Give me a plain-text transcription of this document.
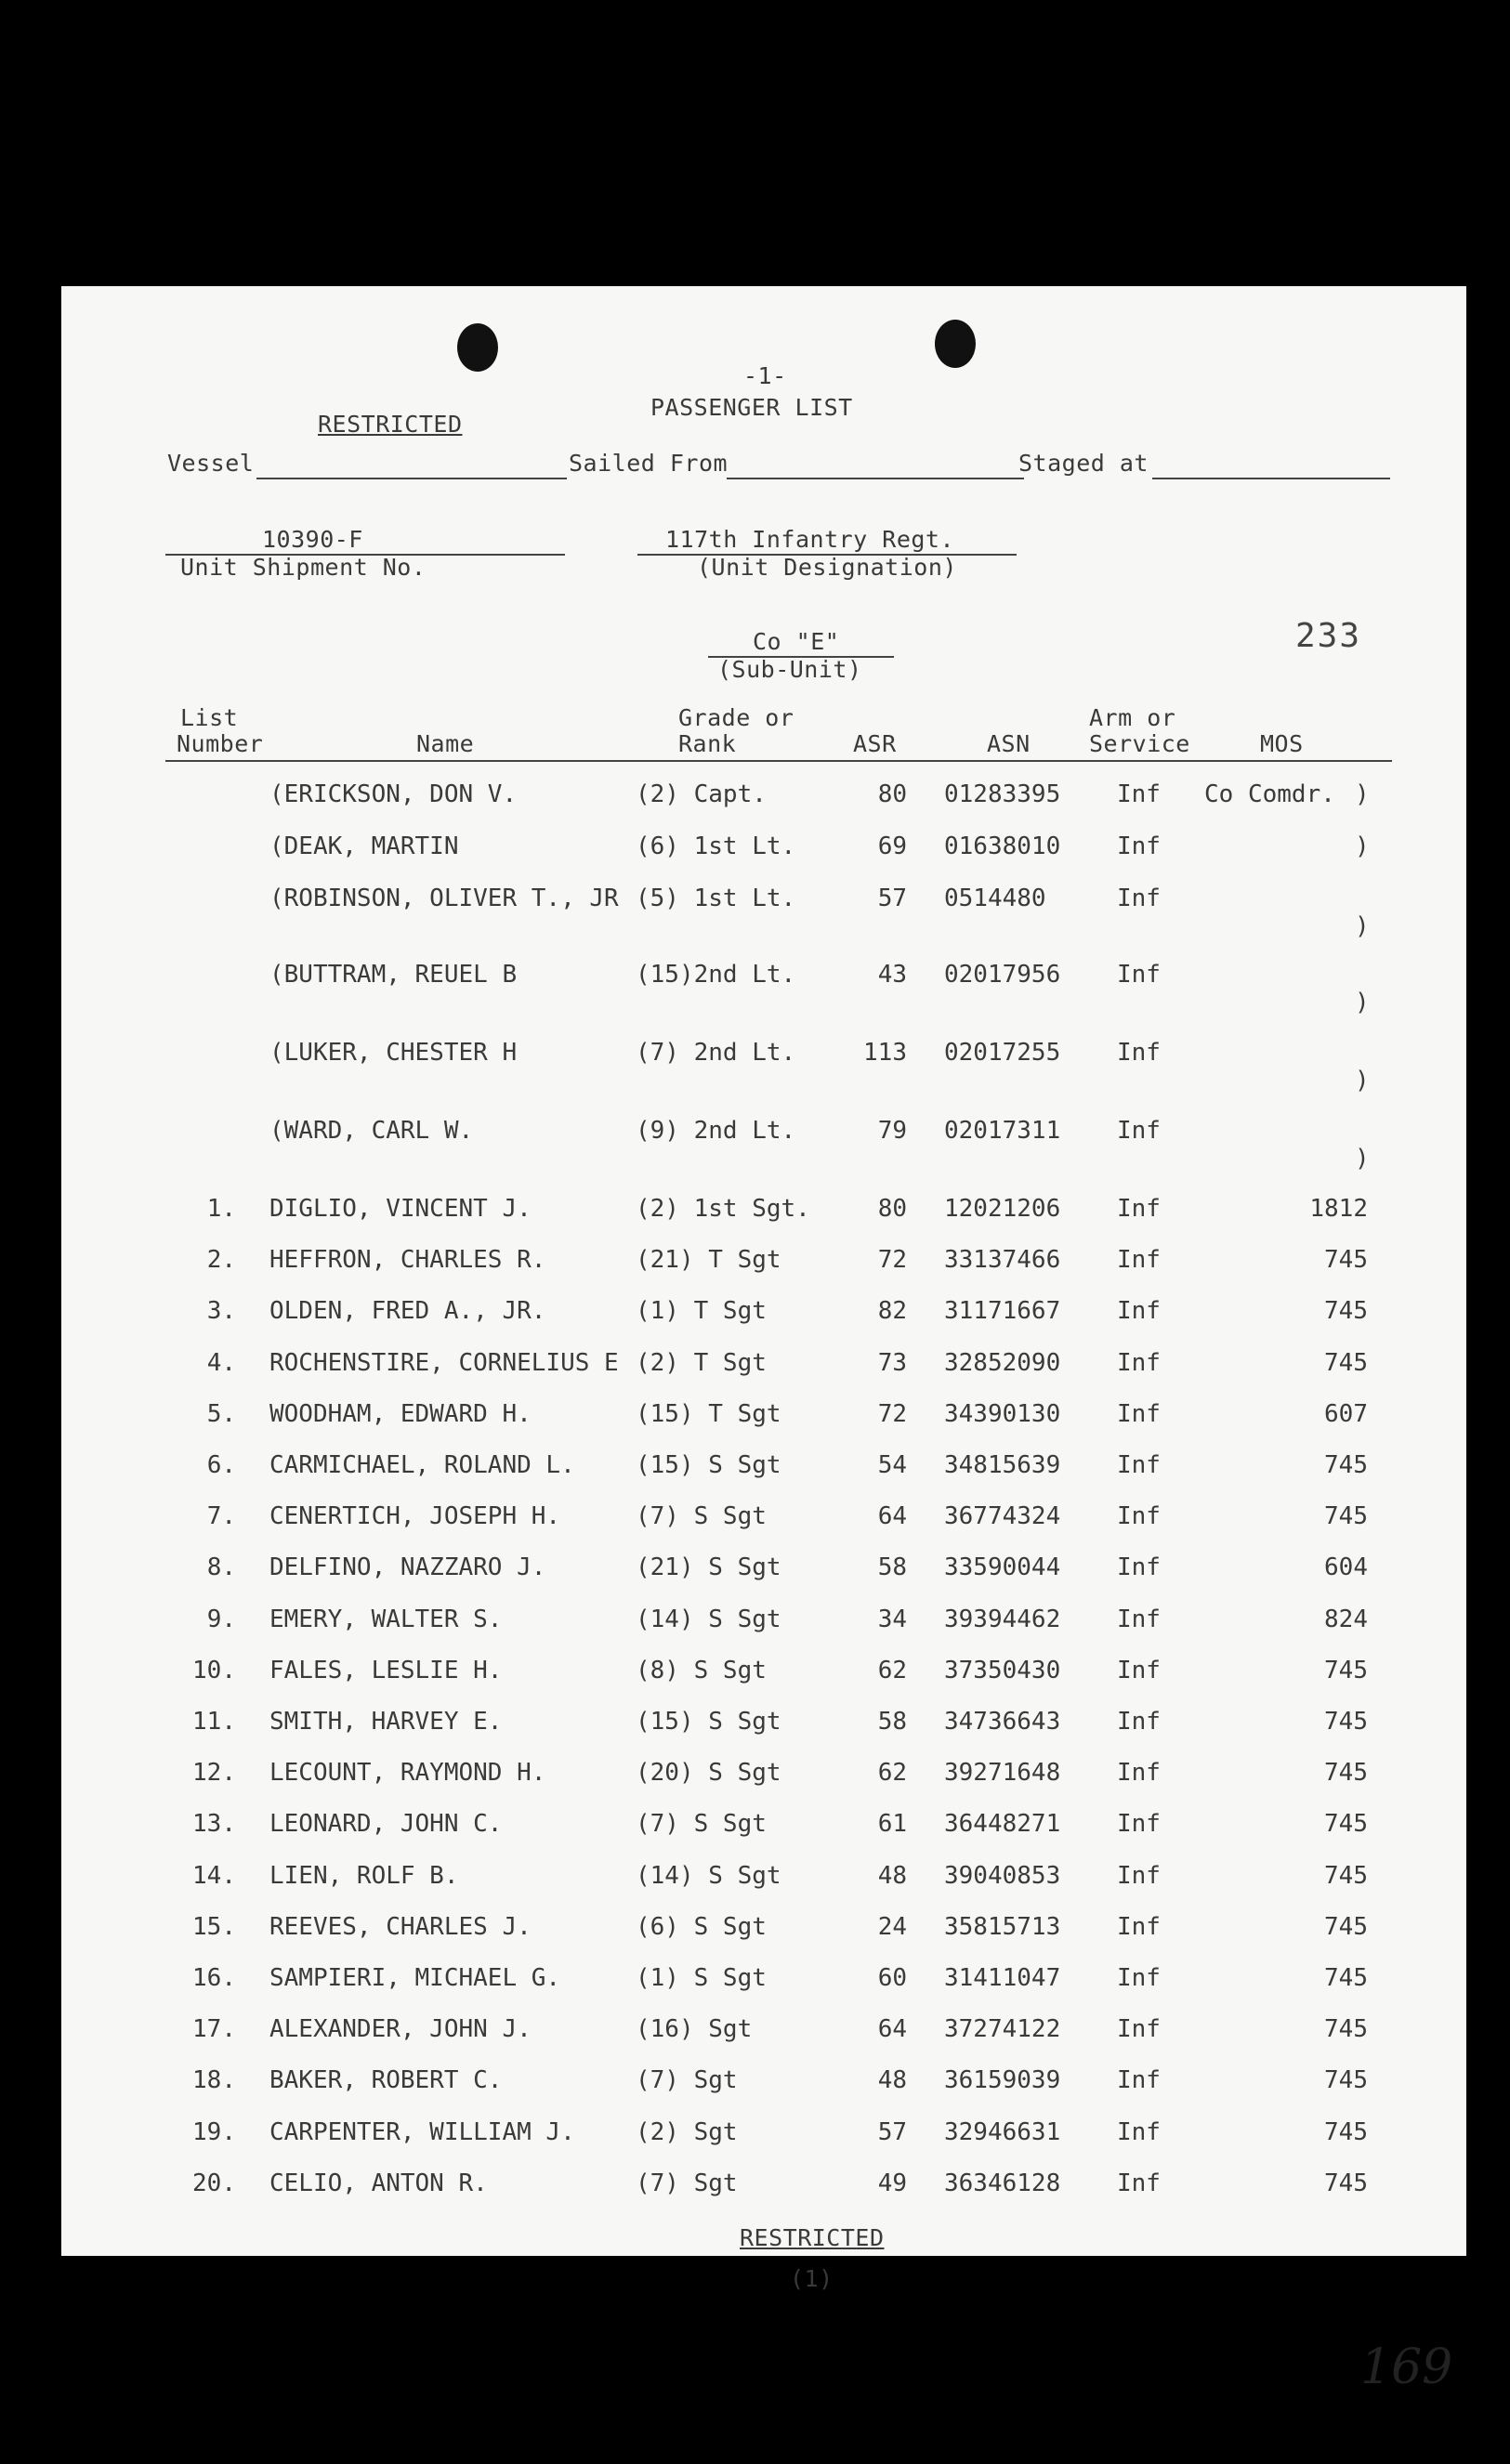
-1-
RESTRICTED
PASSENGER LIST
Vessel	Sailed From	Staged at
10390-F
Unit Shipment No.
117th Infantry Regt.
(Unit Designation)
Co "E"
(Sub-Unit)
233
List
Number	Name
Grade or
Rank	ASR	ASN
Arm or
Service	MOS
(ERICKSON, DON V.	(2) Capt.	80 01283395 Inf Co Comdr. )
(DEAK, MARTIN	(6) 1st Lt.	69 01638010 Inf	)
(ROBINSON, OLIVER T., JR (5) 1st Lt.	57 0514480	Inf
)
(BUTTRAM, REUEL B	(15)2nd Lt.	43 02017956 Inf
)
(LUKER, CHESTER H	(7) 2nd Lt.	113 02017255 Inf
)
(WARD, CARL W.	(9) 2nd Lt.	79 02017311 Inf
)
1. DIGLIO, VINCENT J.	(2) 1st Sgt.	80 12021206 Inf	1812
2. HEFFRON, CHARLES R.	(21) T Sgt	72 33137466 Inf	745
3. OLDEN, FRED A., JR.	(1) T Sgt	82 31171667 Inf	745
4. ROCHENSTIRE, CORNELIUS E (2) T Sgt	73 32852090 Inf	745
5. WOODHAM, EDWARD H.	(15) T Sgt	72 34390130 Inf	607
6. CARMICHAEL, ROLAND L.	(15) S Sgt	54 34815639 Inf	745
7. CENERTICH, JOSEPH H.	(7) S Sgt	64 36774324 Inf	745
8. DELFINO, NAZZARO J.	(21) S Sgt	58 33590044 Inf	604
9. EMERY, WALTER S.	(14) S Sgt	34 39394462 Inf	824
10. FALES, LESLIE H.	(8) S Sgt	62 37350430 Inf	745
11. SMITH, HARVEY E.	(15) S Sgt	58 34736643 Inf	745
12. LECOUNT, RAYMOND H.	(20) S Sgt	62 39271648 Inf	745
13. LEONARD, JOHN C.	(7) S Sgt	61 36448271 Inf	745
14. LIEN, ROLF B.	(14) S Sgt	48 39040853 Inf	745
15. REEVES, CHARLES J.	(6) S Sgt	24 35815713 Inf	745
16. SAMPIERI, MICHAEL G.	(1) S Sgt	60 31411047 Inf	745
17. ALEXANDER, JOHN J.	(16) Sgt	64 37274122 Inf	745
18. BAKER, ROBERT C.	(7) Sgt	48 36159039 Inf	745
19. CARPENTER, WILLIAM J.	(2) Sgt	57 32946631 Inf	745
20. CELIO, ANTON R.	(7) Sgt	49 36346128 Inf	745
RESTRICTED
(1)
169
